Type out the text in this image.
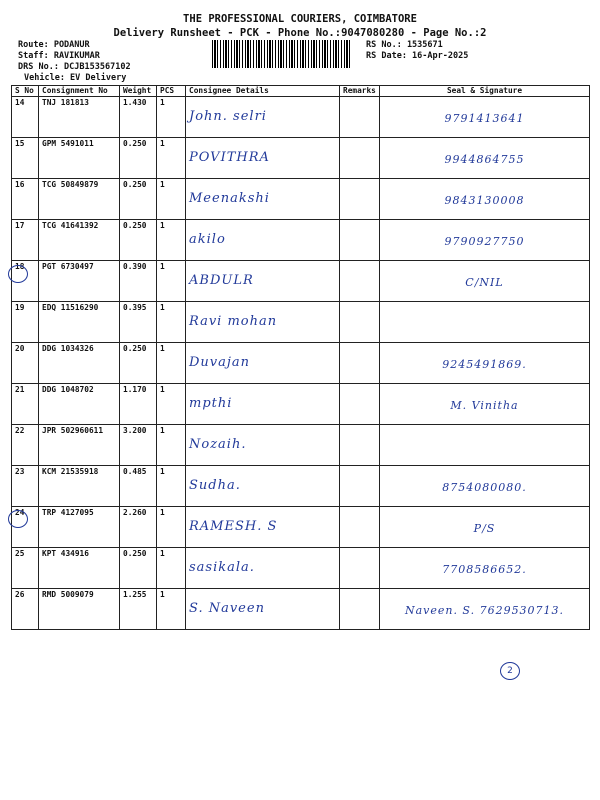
THE PROFESSIONAL COURIERS, COIMBATORE
Delivery Runsheet - PCK - Phone No.:9047080280 - Page No.:2
Route: PODANUR
Staff: RAVIKUMAR
DRS No.: DCJB153567102
Vehicle: EV Delivery
RS No.: 1535671
RS Date: 16-Apr-2025
S No	Consignment No	Weight	PCS	Consignee Details	Remarks	Seal & Signature
14	TNJ 181813	1.430	1	John. selri		9791413641

15	GPM 5491011	0.250	1	POVITHRA		9944864755

16	TCG 50849879	0.250	1	Meenakshi		9843130008

17	TCG 41641392	0.250	1	akilo		9790927750

18	PGT 6730497	0.390	1	ABDULR		C/NIL

19	EDQ 11516290	0.395	1	Ravi mohan		

20	DDG 1034326	0.250	1	Duvajan		9245491869.

21	DDG 1048702	1.170	1	mpthi		M. Vinitha

22	JPR 502960611	3.200	1	Nozaih.		

23	KCM 21535918	0.485	1	Sudha.		8754080080.

24	TRP 4127095	2.260	1	RAMESH. S		P/S

25	KPT 434916	0.250	1	sasikala.		7708586652.

26	RMD 5009079	1.255	1	S. Naveen		Naveen. S. 7629530713.
2
